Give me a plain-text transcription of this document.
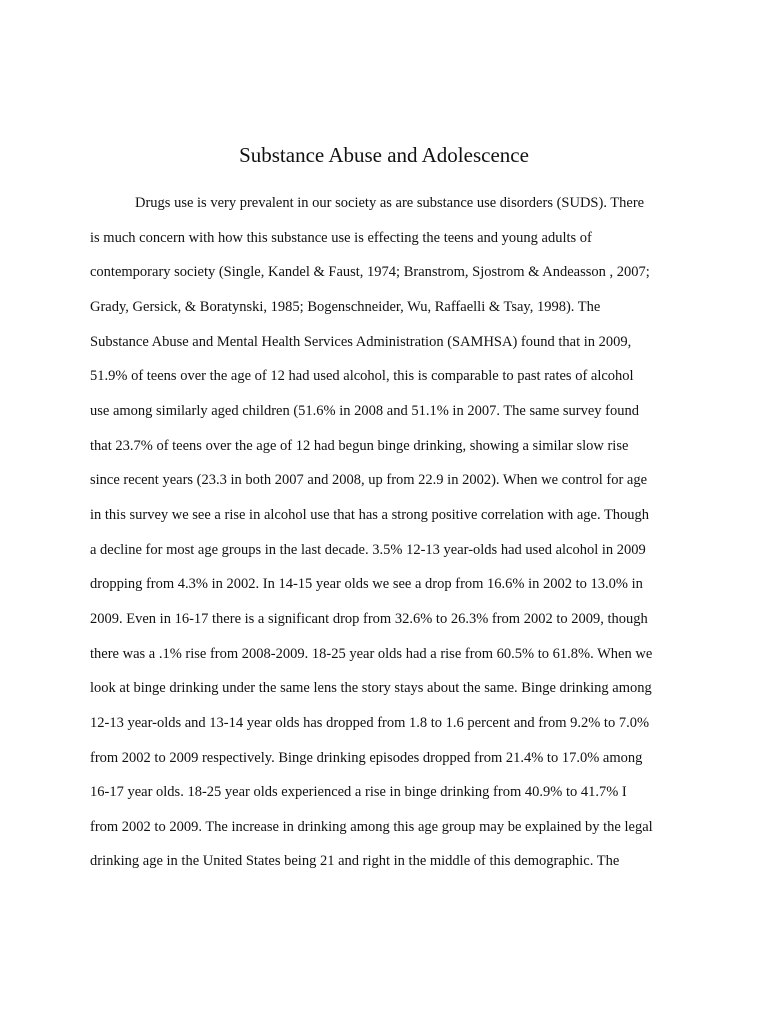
Substance Abuse and Adolescence
Drugs use is very prevalent in our society as are substance use disorders (SUDS). There
is much concern with how this substance use is effecting the teens and young adults of
contemporary society (Single, Kandel & Faust, 1974; Branstrom, Sjostrom & Andeasson , 2007;
Grady, Gersick, & Boratynski, 1985; Bogenschneider, Wu, Raffaelli & Tsay, 1998). The
Substance Abuse and Mental Health Services Administration (SAMHSA) found that in 2009,
51.9% of teens over the age of 12 had used alcohol, this is comparable to past rates of alcohol
use among similarly aged children (51.6% in 2008 and 51.1% in 2007. The same survey found
that 23.7% of teens over the age of 12 had begun binge drinking, showing a similar slow rise
since recent years (23.3 in both 2007 and 2008, up from 22.9 in 2002). When we control for age
in this survey we see a rise in alcohol use that has a strong positive correlation with age. Though
a decline for most age groups in the last decade. 3.5% 12-13 year-olds had used alcohol in 2009
dropping from 4.3% in 2002. In 14-15 year olds we see a drop from 16.6% in 2002 to 13.0% in
2009. Even in 16-17 there is a significant drop from 32.6% to 26.3% from 2002 to 2009, though
there was a .1% rise from 2008-2009. 18-25 year olds had a rise from 60.5% to 61.8%. When we
look at binge drinking under the same lens the story stays about the same. Binge drinking among
12-13 year-olds and 13-14 year olds has dropped from 1.8 to 1.6 percent and from 9.2% to 7.0%
from 2002 to 2009 respectively. Binge drinking episodes dropped from 21.4% to 17.0% among
16-17 year olds. 18-25 year olds experienced a rise in binge drinking from 40.9% to 41.7% I
from 2002 to 2009. The increase in drinking among this age group may be explained by the legal
drinking age in the United States being 21 and right in the middle of this demographic. The
